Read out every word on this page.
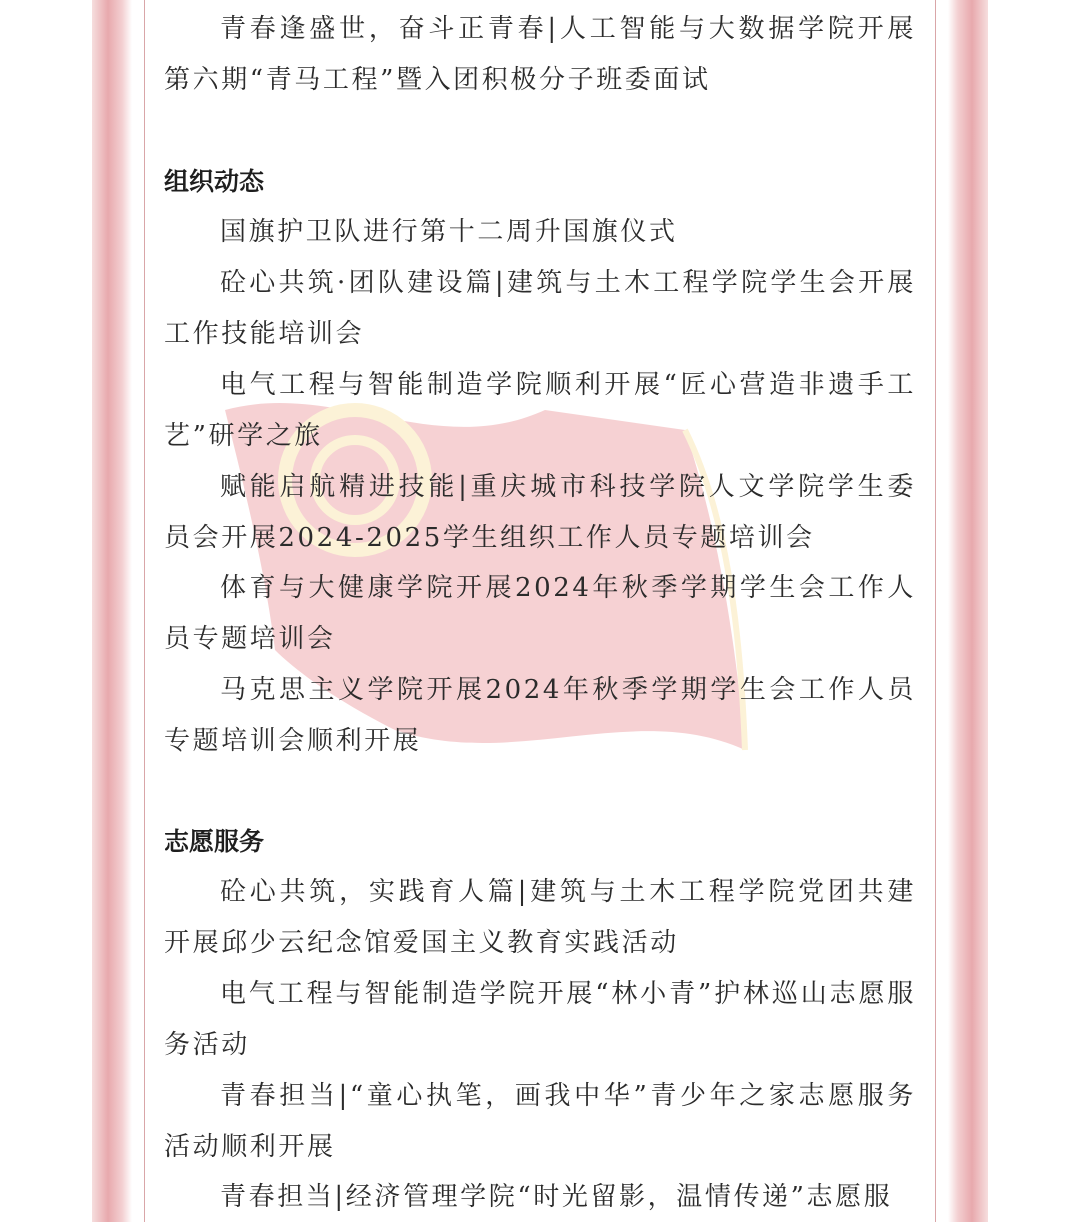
青春逢盛世，奋斗正青春|人工智能与大数据学院开展第六期“青马工程”暨入团积极分子班委面试

组织动态

国旗护卫队进行第十二周升国旗仪式

砼心共筑·团队建设篇|建筑与土木工程学院学生会开展工作技能培训会

电气工程与智能制造学院顺利开展“匠心营造非遗手工艺”研学之旅

赋能启航精进技能|重庆城市科技学院人文学院学生委员会开展2024-2025学生组织工作人员专题培训会

体育与大健康学院开展2024年秋季学期学生会工作人员专题培训会

马克思主义学院开展2024年秋季学期学生会工作人员专题培训会顺利开展

志愿服务

砼心共筑，实践育人篇|建筑与土木工程学院党团共建开展邱少云纪念馆爱国主义教育实践活动

电气工程与智能制造学院开展“林小青”护林巡山志愿服务活动

青春担当|“童心执笔，画我中华”青少年之家志愿服务活动顺利开展

青春担当|经济管理学院“时光留影，温情传递”志愿服
